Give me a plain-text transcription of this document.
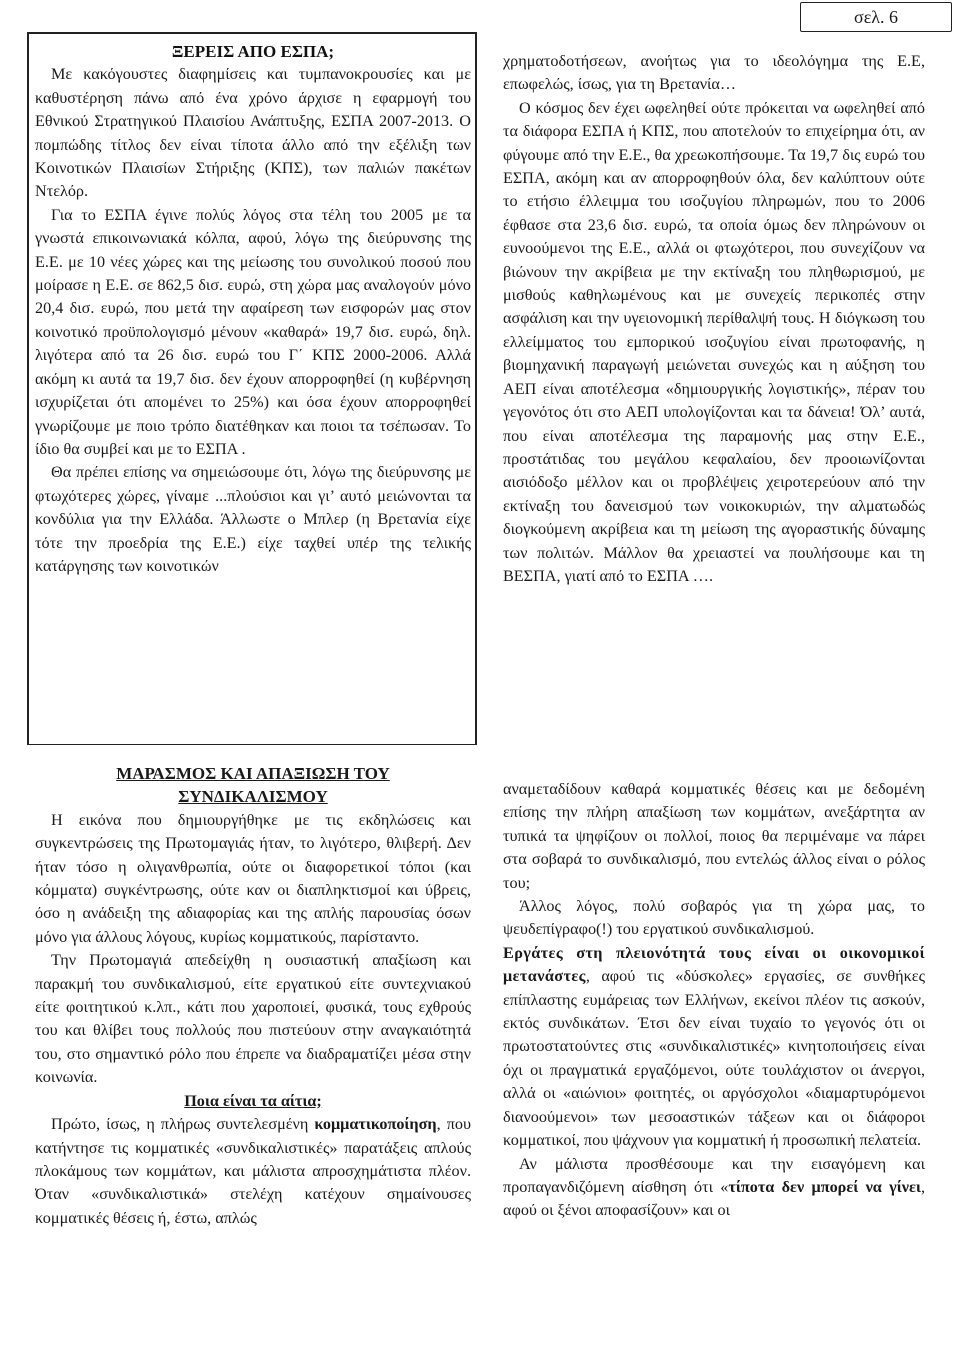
σελ. 6

ΞΕΡΕΙΣ ΑΠΟ ΕΣΠΑ;

Με κακόγουστες διαφημίσεις και τυμπανοκρουσίες και με καθυστέρηση πάνω από ένα χρόνο άρχισε η εφαρμογή του Εθνικού Στρατηγικού Πλαισίου Ανάπτυξης, ΕΣΠΑ 2007-2013. Ο πομπώδης τίτλος δεν είναι τίποτα άλλο από την εξέλιξη των Κοινοτικών Πλαισίων Στήριξης (ΚΠΣ), των παλιών πακέτων Ντελόρ.

Για το ΕΣΠΑ έγινε πολύς λόγος στα τέλη του 2005 με τα γνωστά επικοινωνιακά κόλπα, αφού, λόγω της διεύρυνσης της Ε.Ε. με 10 νέες χώρες και της μείωσης του συνολικού ποσού που μοίρασε η Ε.Ε. σε 862,5 δισ. ευρώ, στη χώρα μας αναλογούν μόνο 20,4 δισ. ευρώ, που μετά την αφαίρεση των εισφορών μας στον κοινοτικό προϋπολογισμό μένουν «καθαρά» 19,7 δισ. ευρώ, δηλ. λιγότερα από τα 26 δισ. ευρώ του Γ΄ ΚΠΣ 2000-2006. Αλλά ακόμη κι αυτά τα 19,7 δισ. δεν έχουν απορροφηθεί (η κυβέρνηση ισχυρίζεται ότι απομένει το 25%) και όσα έχουν απορροφηθεί γνωρίζουμε με ποιο τρόπο διατέθηκαν και ποιοι τα τσέπωσαν. Το ίδιο θα συμβεί και με το ΕΣΠΑ .

Θα πρέπει επίσης να σημειώσουμε ότι, λόγω της διεύρυνσης με φτωχότερες χώρες, γίναμε ...πλούσιοι και γι’ αυτό μειώνονται τα κονδύλια για την Ελλάδα. Άλλωστε ο Μπλερ (η Βρετανία είχε τότε την προεδρία της Ε.Ε.) είχε ταχθεί υπέρ της τελικής κατάργησης των κοινοτικών

χρηματοδοτήσεων, ανοήτως για το ιδεολόγημα της Ε.Ε, επωφελώς, ίσως, για τη Βρετανία…

Ο κόσμος δεν έχει ωφεληθεί ούτε πρόκειται να ωφεληθεί από τα διάφορα ΕΣΠΑ ή ΚΠΣ, που αποτελούν το επιχείρημα ότι, αν φύγουμε από την Ε.Ε., θα χρεωκοπήσουμε. Τα 19,7 δις ευρώ του ΕΣΠΑ, ακόμη και αν απορροφηθούν όλα, δεν καλύπτουν ούτε το ετήσιο έλλειμμα του ισοζυγίου πληρωμών, που το 2006 έφθασε στα 23,6 δισ. ευρώ, τα οποία όμως δεν πληρώνουν οι ευνοούμενοι της Ε.Ε., αλλά οι φτωχότεροι, που συνεχίζουν να βιώνουν την ακρίβεια με την εκτίναξη του πληθωρισμού, με μισθούς καθηλωμένους και με συνεχείς περικοπές στην ασφάλιση και την υγειονομική περίθαλψή τους. Η διόγκωση του ελλείμματος του εμπορικού ισοζυγίου είναι πρωτοφανής, η βιομηχανική παραγωγή μειώνεται συνεχώς και η αύξηση του ΑΕΠ είναι αποτέλεσμα «δημιουργικής λογιστικής», πέραν του γεγονότος ότι στο ΑΕΠ υπολογίζονται και τα δάνεια! Όλ’ αυτά, που είναι αποτέλεσμα της παραμονής μας στην Ε.Ε., προστάτιδας του μεγάλου κεφαλαίου, δεν προοιωνίζονται αισιόδοξο μέλλον και οι προβλέψεις χειροτερεύουν από την εκτίναξη του δανεισμού των νοικοκυριών, την αλματωδώς διογκούμενη ακρίβεια και τη μείωση της αγοραστικής δύναμης των πολιτών. Μάλλον θα χρειαστεί να πουλήσουμε και τη ΒΕΣΠΑ, γιατί από το ΕΣΠΑ ….

ΜΑΡΑΣΜΟΣ ΚΑΙ ΑΠΑΞΙΩΣΗ ΤΟΥ

ΣΥΝΔΙΚΑΛΙΣΜΟΥ

Η εικόνα που δημιουργήθηκε με τις εκδηλώσεις και συγκεντρώσεις της Πρωτομαγιάς ήταν, το λιγότερο, θλιβερή. Δεν ήταν τόσο η ολιγανθρωπία, ούτε οι διαφορετικοί τόποι (και κόμματα) συγκέντρωσης, ούτε καν οι διαπληκτισμοί και ύβρεις, όσο η ανάδειξη της αδιαφορίας και της απλής παρουσίας όσων μόνο για άλλους λόγους, κυρίως κομματικούς, παρίσταντο.

Την Πρωτομαγιά απεδείχθη η ουσιαστική απαξίωση και παρακμή του συνδικαλισμού, είτε εργατικού είτε συντεχνιακού είτε φοιτητικού κ.λπ., κάτι που χαροποιεί, φυσικά, τους εχθρούς του και θλίβει τους πολλούς που πιστεύουν στην αναγκαιότητά του, στο σημαντικό ρόλο που έπρεπε να διαδραματίζει μέσα στην κοινωνία.

Ποια είναι τα αίτια;

Πρώτο, ίσως, η πλήρως συντελεσμένη κομματικοποίηση, που κατήντησε τις κομματικές «συνδικαλιστικές» παρατάξεις απλούς πλοκάμους των κομμάτων, και μάλιστα απροσχημάτιστα πλέον. Όταν «συνδικαλιστικά» στελέχη κατέχουν σημαίνουσες κομματικές θέσεις ή, έστω, απλώς

αναμεταδίδουν καθαρά κομματικές θέσεις και με δεδομένη επίσης την πλήρη απαξίωση των κομμάτων, ανεξάρτητα αν τυπικά τα ψηφίζουν οι πολλοί, ποιος θα περιμέναμε να πάρει στα σοβαρά το συνδικαλισμό, που εντελώς άλλος είναι ο ρόλος του;

Άλλος λόγος, πολύ σοβαρός για τη χώρα μας, το ψευδεπίγραφο(!) του εργατικού συνδικαλισμού.

Εργάτες στη πλειονότητά τους είναι οι οικονομικοί μετανάστες, αφού τις «δύσκολες» εργασίες, σε συνθήκες επίπλαστης ευμάρειας των Ελλήνων, εκείνοι πλέον τις ασκούν, εκτός συνδικάτων. Έτσι δεν είναι τυχαίο το γεγονός ότι οι πρωτοστατούντες στις «συνδικαλιστικές» κινητοποιήσεις είναι όχι οι πραγματικά εργαζόμενοι, ούτε τουλάχιστον οι άνεργοι, αλλά οι «αιώνιοι» φοιτητές, οι αργόσχολοι «διαμαρτυρόμενοι διανοούμενοι» των μεσοαστικών τάξεων και οι διάφοροι κομματικοί, που ψάχνουν για κομματική ή προσωπική πελατεία.

Αν μάλιστα προσθέσουμε και την εισαγόμενη και προπαγανδιζόμενη αίσθηση ότι «τίποτα δεν μπορεί να γίνει, αφού οι ξένοι αποφασίζουν» και οι
